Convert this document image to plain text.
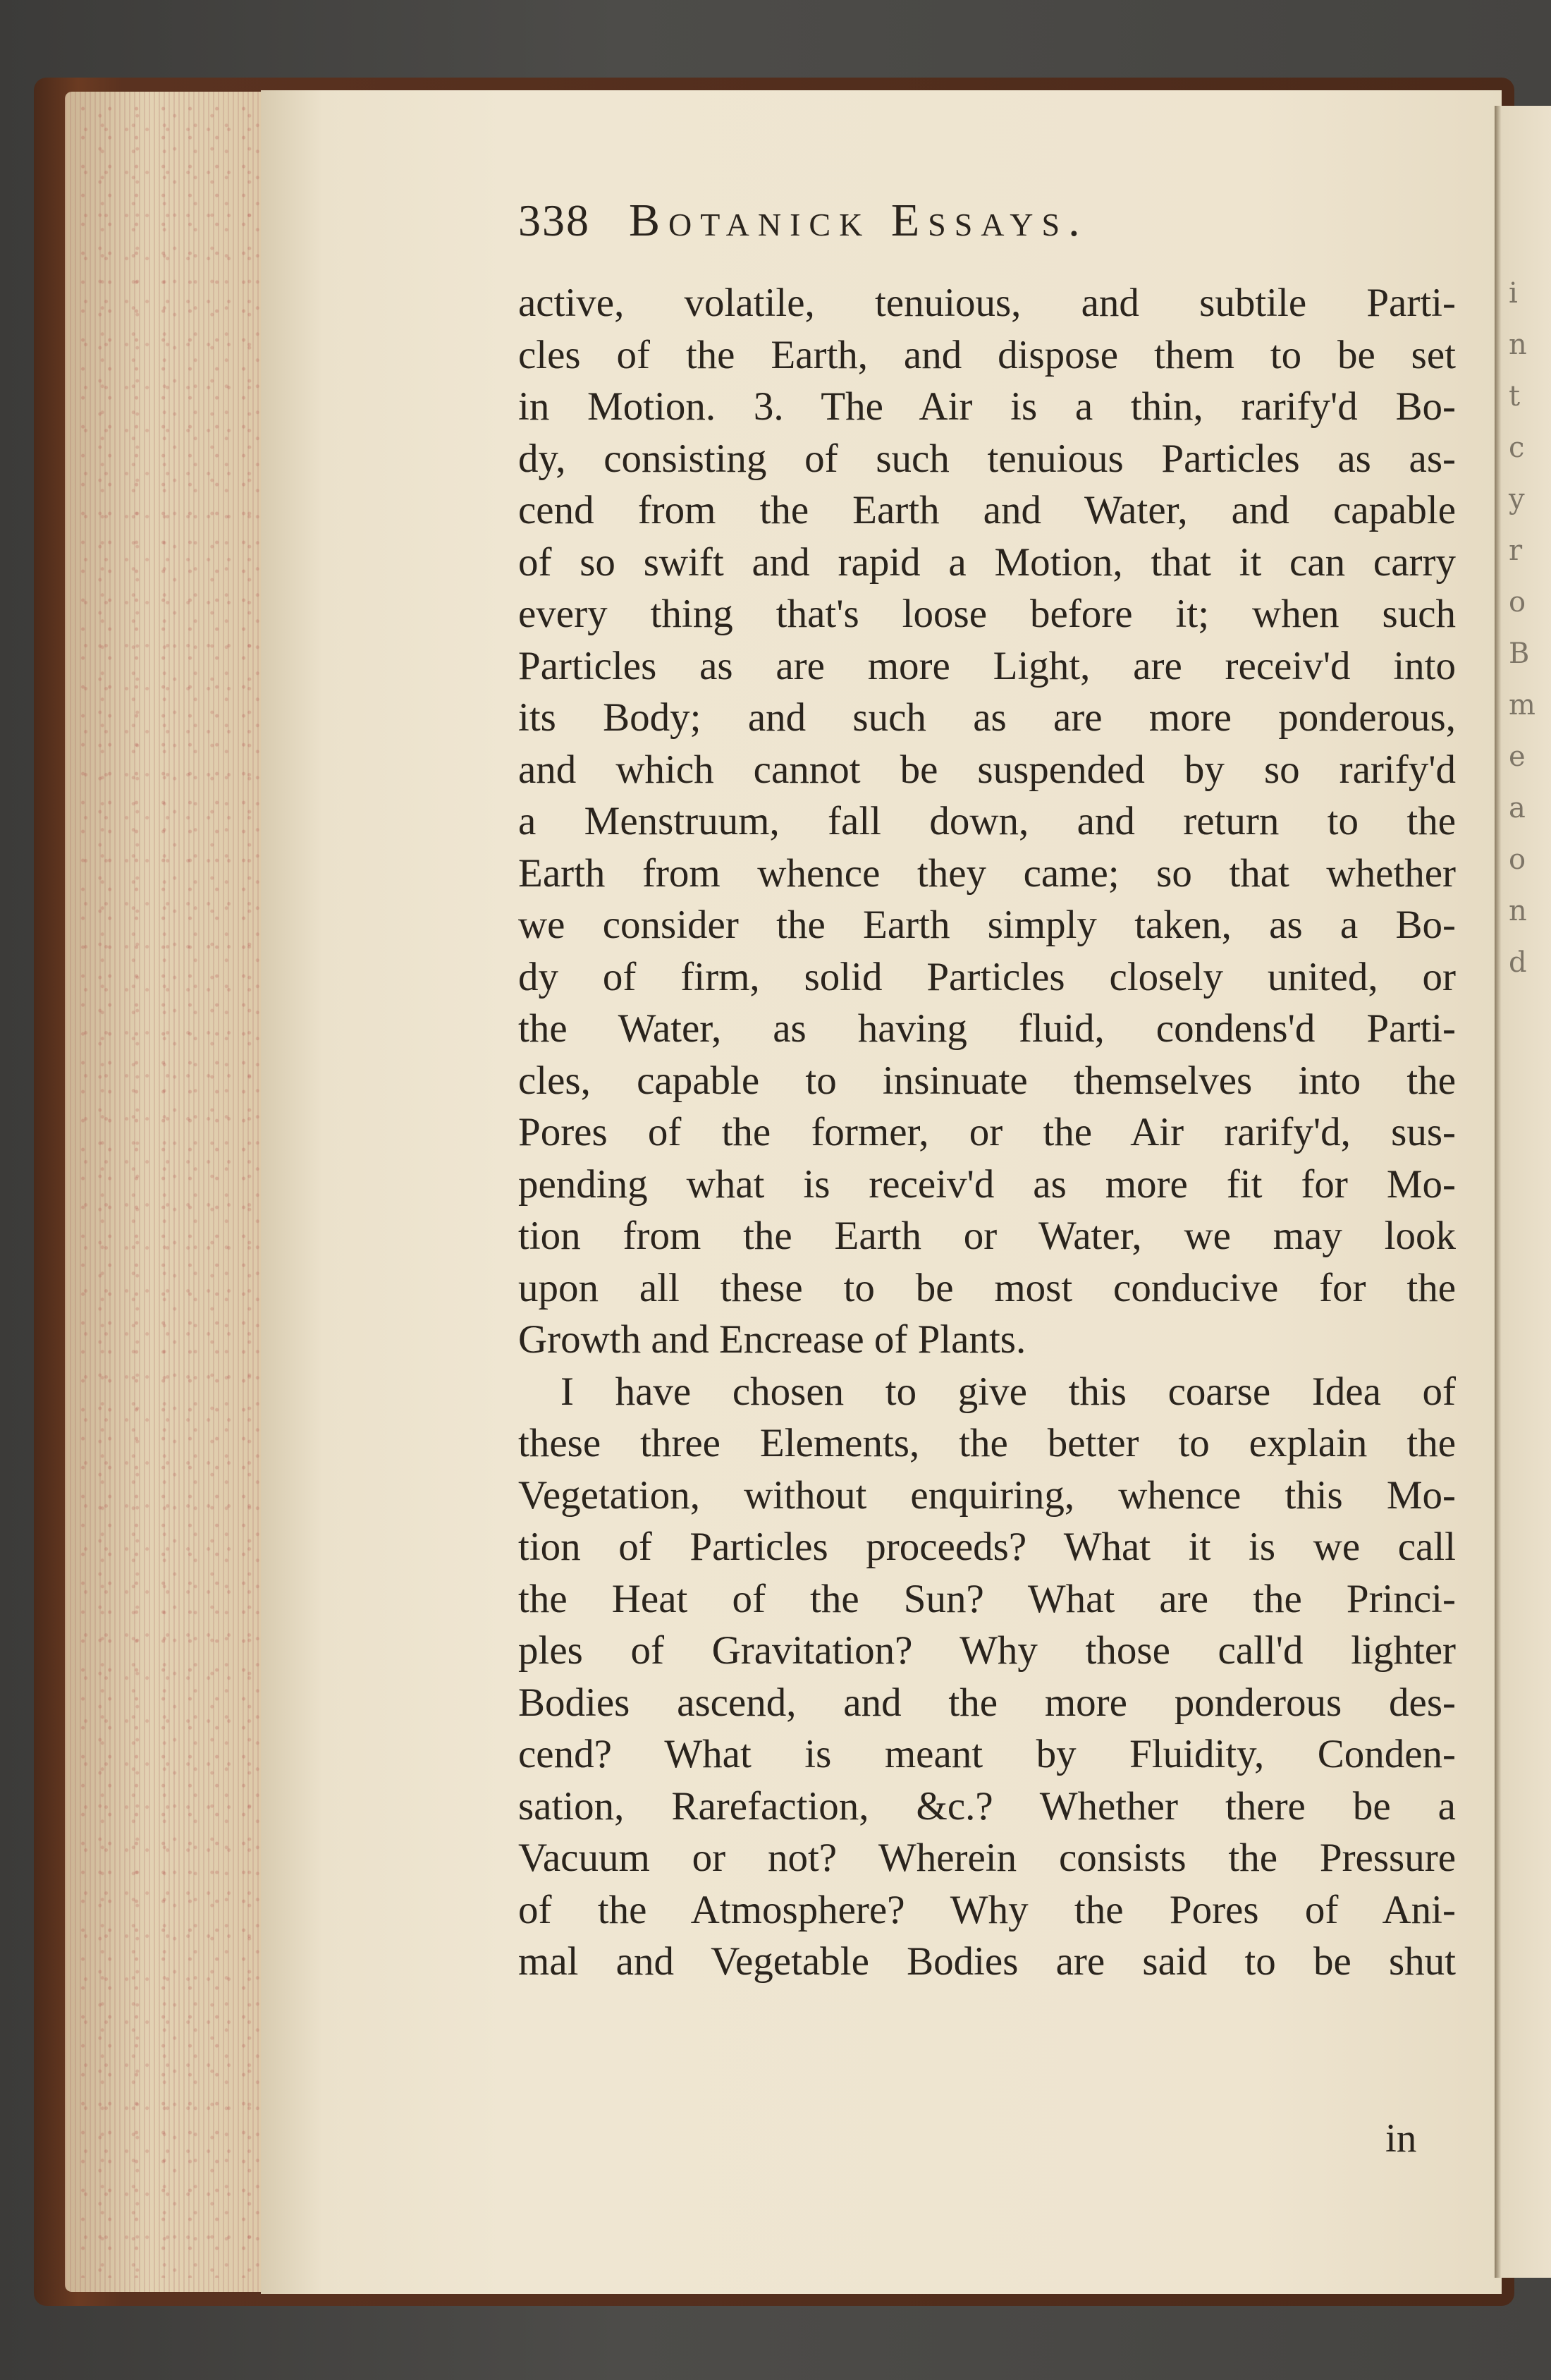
i
n
t
c
y
r
o
B
m
e
a
o
n
d
338 Botanick Essays.
active, volatile, tenuious, and subtile Parti-
cles of the Earth, and dispose them to be set
in Motion. 3. The Air is a thin, rarify'd Bo-
dy, consisting of such tenuious Particles as as-
cend from the Earth and Water, and capable
of so swift and rapid a Motion, that it can carry
every thing that's loose before it; when such
Particles as are more Light, are receiv'd into
its Body; and such as are more ponderous,
and which cannot be suspended by so rarify'd
a Menstruum, fall down, and return to the
Earth from whence they came; so that whether
we consider the Earth simply taken, as a Bo-
dy of firm, solid Particles closely united, or
the Water, as having fluid, condens'd Parti-
cles, capable to insinuate themselves into the
Pores of the former, or the Air rarify'd, sus-
pending what is receiv'd as more fit for Mo-
tion from the Earth or Water, we may look
upon all these to be most conducive for the
Growth and Encrease of Plants.
I have chosen to give this coarse Idea of
these three Elements, the better to explain the
Vegetation, without enquiring, whence this Mo-
tion of Particles proceeds? What it is we call
the Heat of the Sun? What are the Princi-
ples of Gravitation? Why those call'd lighter
Bodies ascend, and the more ponderous des-
cend? What is meant by Fluidity, Conden-
sation, Rarefaction, &c.? Whether there be a
Vacuum or not? Wherein consists the Pressure
of the Atmosphere? Why the Pores of Ani-
mal and Vegetable Bodies are said to be shut
in
